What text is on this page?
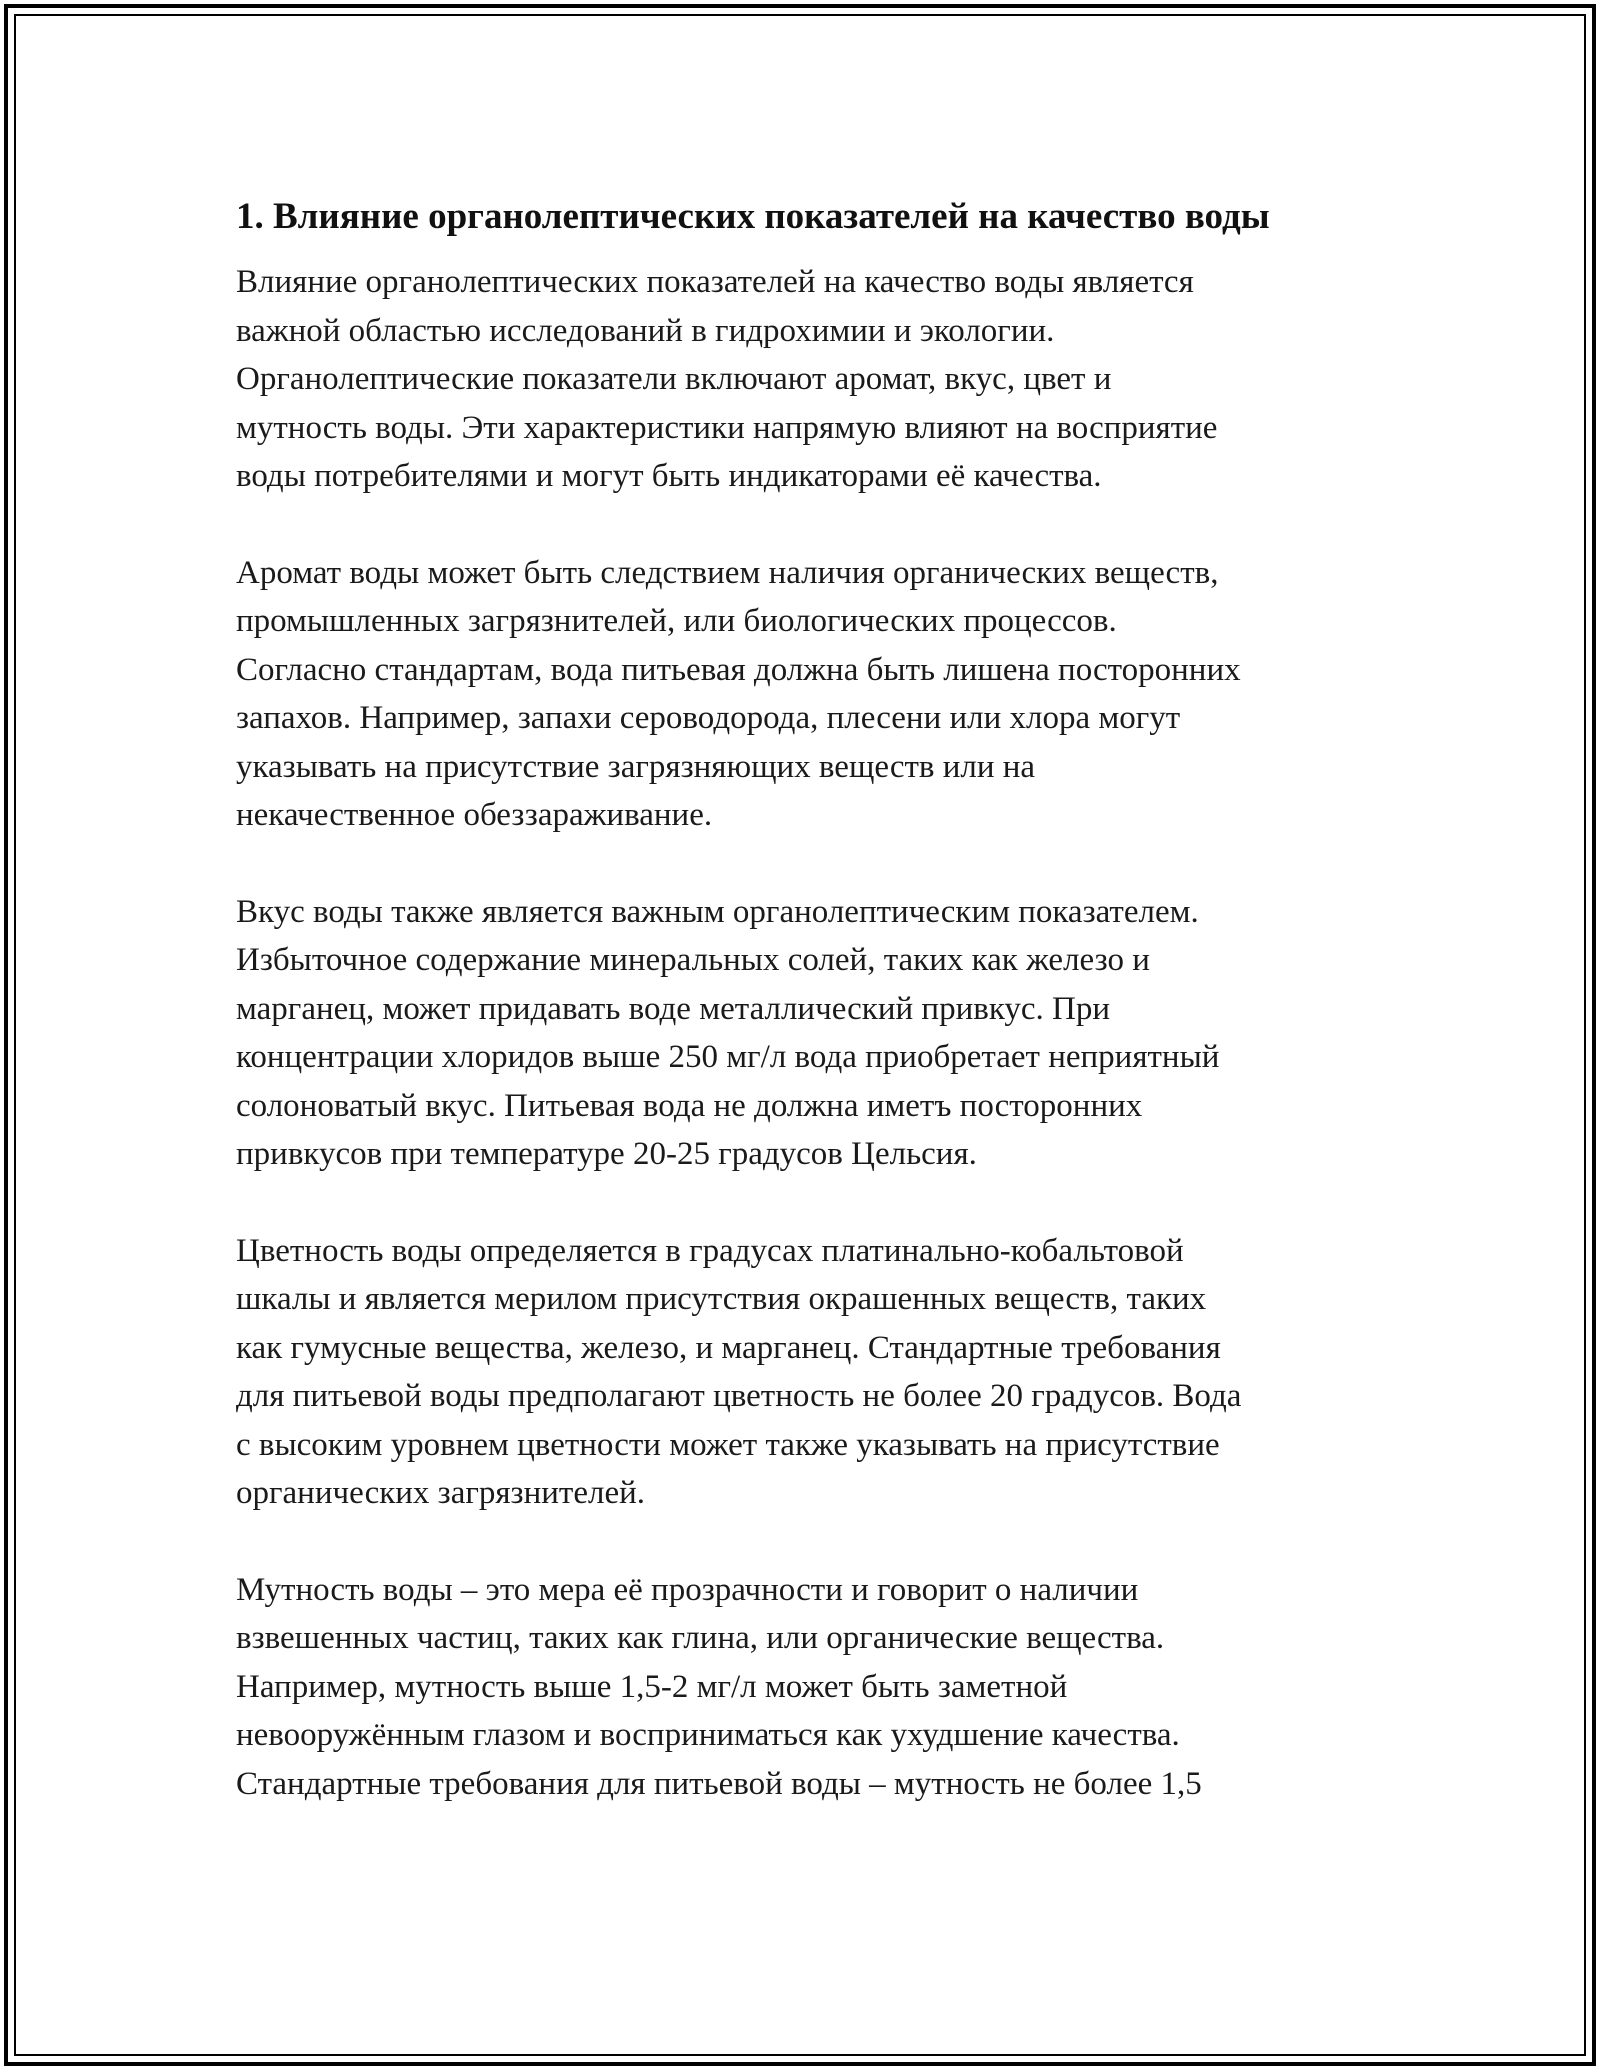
1. Влияние органолептических показателей на качество воды

Влияние органолептических показателей на качество воды является
важной областью исследований в гидрохимии и экологии.
Органолептические показатели включают аромат, вкус, цвет и
мутность воды. Эти характеристики напрямую влияют на восприятие
воды потребителями и могут быть индикаторами её качества.

Аромат воды может быть следствием наличия органических веществ,
промышленных загрязнителей, или биологических процессов.
Согласно стандартам, вода питьевая должна быть лишена посторонних
запахов. Например, запахи сероводорода, плесени или хлора могут
указывать на присутствие загрязняющих веществ или на
некачественное обеззараживание.

Вкус воды также является важным органолептическим показателем.
Избыточное содержание минеральных солей, таких как железо и
марганец, может придавать воде металлический привкус. При
концентрации хлоридов выше 250 мг/л вода приобретает неприятный
солоноватый вкус. Питьевая вода не должна иметъ посторонних
привкусов при температуре 20-25 градусов Цельсия.

Цветность воды определяется в градусах платинально-кобальтовой
шкалы и является мерилом присутствия окрашенных веществ, таких
как гумусные вещества, железо, и марганец. Стандартные требования
для питьевой воды предполагают цветность не более 20 градусов. Вода
с высоким уровнем цветности может также указывать на присутствие
органических загрязнителей.

Мутность воды – это мера её прозрачности и говорит о наличии
взвешенных частиц, таких как глина, или органические вещества.
Например, мутность выше 1,5-2 мг/л может быть заметной
невооружённым глазом и восприниматься как ухудшение качества.
Стандартные требования для питьевой воды – мутность не более 1,5
